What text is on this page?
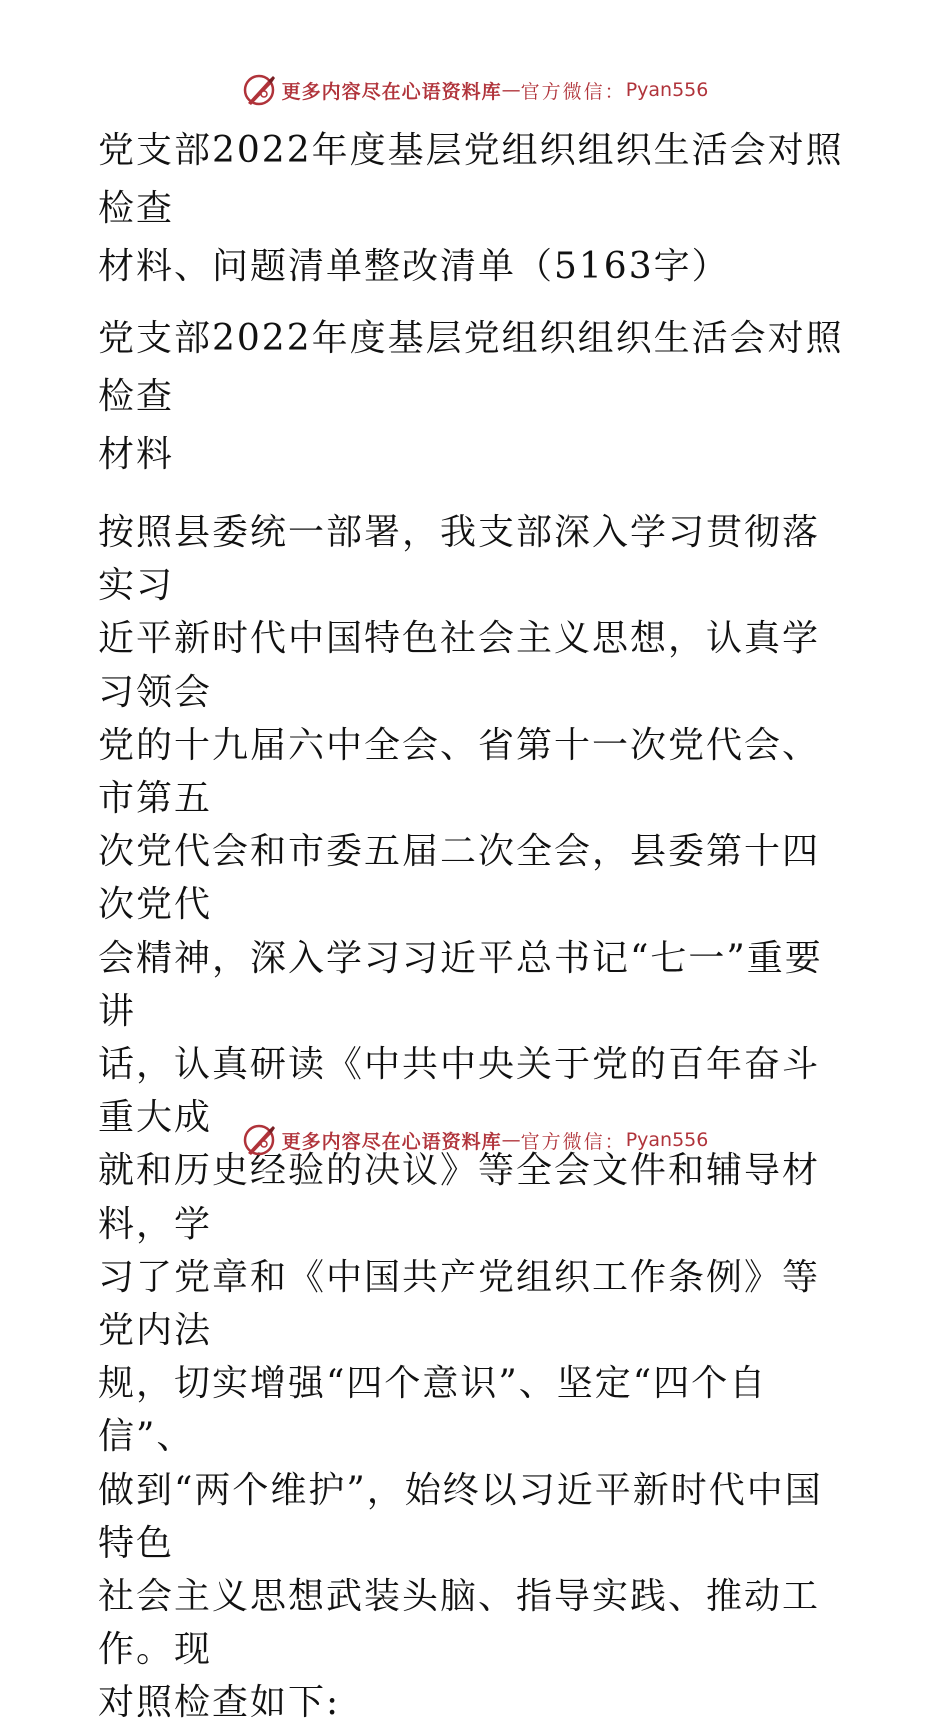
更多内容尽在心语资料库 — 官方微信： Pyan556

党支部2022年度基层党组织组织生活会对照检查
材料、问题清单整改清单（5163字）

党支部2022年度基层党组织组织生活会对照检查
材料

按照县委统一部署，我支部深入学习贯彻落实习
近平新时代中国特色社会主义思想，认真学习领会
党的十九届六中全会、省第十一次党代会、市第五
次党代会和市委五届二次全会，县委第十四次党代
会精神，深入学习习近平总书记“七一”重要讲
话，认真研读《中共中央关于党的百年奋斗重大成
就和历史经验的决议》等全会文件和辅导材料，学
习了党章和《中国共产党组织工作条例》等党内法
规，切实增强“四个意识”、坚定“四个自信”、
做到“两个维护”，始终以习近平新时代中国特色
社会主义思想武装头脑、指导实践、推动工作。现
对照检查如下:

更多内容尽在心语资料库 — 官方微信： Pyan556
